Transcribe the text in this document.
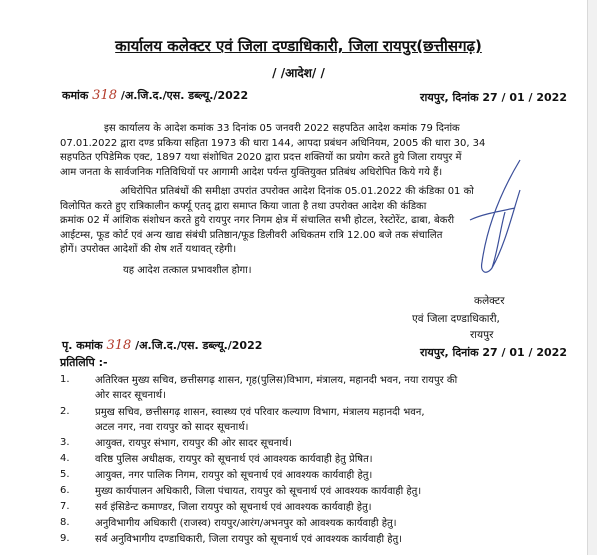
कार्यालय कलेक्टर एवं जिला दण्डाधिकारी, जिला रायपुर(छत्तीसगढ़)
/ /आदेश/ /
कमांक 318 /अ.जि.द./एस. डब्ल्यू./2022	रायपुर, दिनांक 27 / 01 / 2022
इस कार्यालय के आदेश कमांक 33 दिनांक 05 जनवरी 2022 सहपठित आदेश कमांक 79 दिनांक
07.01.2022 द्वारा दण्ड प्रकिया सहिता 1973 की धारा 144, आपदा प्रबंधन अधिनियम, 2005 की धारा 30, 34
सहपठित एपिडेमिक एक्ट, 1897 यथा संशोधित 2020 द्वारा प्रदत्त शक्तियों का प्रयोग करते हुये जिला रायपुर में
आम जनता के सार्वजनिक गतिविधियों पर आगामी आदेश पर्यन्त युक्तियुक्त प्रतिबंध अधिरोपित किये गये हैं।
अधिरोपित प्रतिबंधों की समीक्षा उपरांत उपरोक्त आदेश दिनांक 05.01.2022 की कंडिका 01 को
विलोपित करते हुए रात्रिकालीन कर्फ्यू एतद् द्वारा समाप्त किया जाता है तथा उपरोक्त आदेश की कंडिका
क्रमांक 02 में आंशिक संशोधन करते हुये रायपुर नगर निगम क्षेत्र में संचालित सभी होटल, रेस्टोरेंट, ढाबा, बेकरी
आईटम्स, फूड कोर्ट एवं अन्य खाद्य संबंधी प्रतिष्ठान/फूड डिलीवरी अधिकतम रात्रि 12.00 बजे तक संचालित
होगें। उपरोक्त आदेशों की शेष शर्ते यथावत् रहेगी।
यह आदेश तत्काल प्रभावशील होगा।
कलेक्टर
एवं जिला दण्डाधिकारी,
रायपुर
पृ. कमांक 318 /अ.जि.द./एस. डब्ल्यू./2022
रायपुर, दिनांक 27 / 01 / 2022
प्रतिलिपि :-
1.	अतिरिक्त मुख्य सचिव, छत्तीसगढ़ शासन, गृह(पुलिस)विभाग, मंत्रालय, महानदी भवन, नया रायपुर की
ओर सादर सूचनार्थ।
2.	प्रमुख सचिव, छत्तीसगढ़ शासन, स्वास्थ्य एवं परिवार कल्याण विभाग, मंत्रालय महानदी भवन,
अटल नगर, नवा रायपुर को सादर सूचनार्थ।
3.	आयुक्त, रायपुर संभाग, रायपुर की ओर सादर सूचनार्थ।
4.	वरिष्ठ पुलिस अधीक्षक, रायपुर को सूचनार्थ एवं आवश्यक कार्यवाही हेतु प्रेषित।
5.	आयुक्त, नगर पालिक निगम, रायपुर को सूचनार्थ एवं आवश्यक कार्यवाही हेतु।
6.	मुख्य कार्यपालन अधिकारी, जिला पंचायत, रायपुर को सूचनार्थ एवं आवश्यक कार्यवाही हेतु।
7.	सर्व इंसिडेन्ट कमाण्डर, जिला रायपुर को सूचनार्थ एवं आवश्यक कार्यवाही हेतु।
8.	अनुविभागीय अधिकारी (राजस्व) रायपुर/आरंग/अभनपुर को आवश्यक कार्यवाही हेतु।
9.	सर्व अनुविभागीय दण्डाधिकारी, जिला रायपुर को सूचनार्थ एवं आवश्यक कार्यवाही हेतु।
